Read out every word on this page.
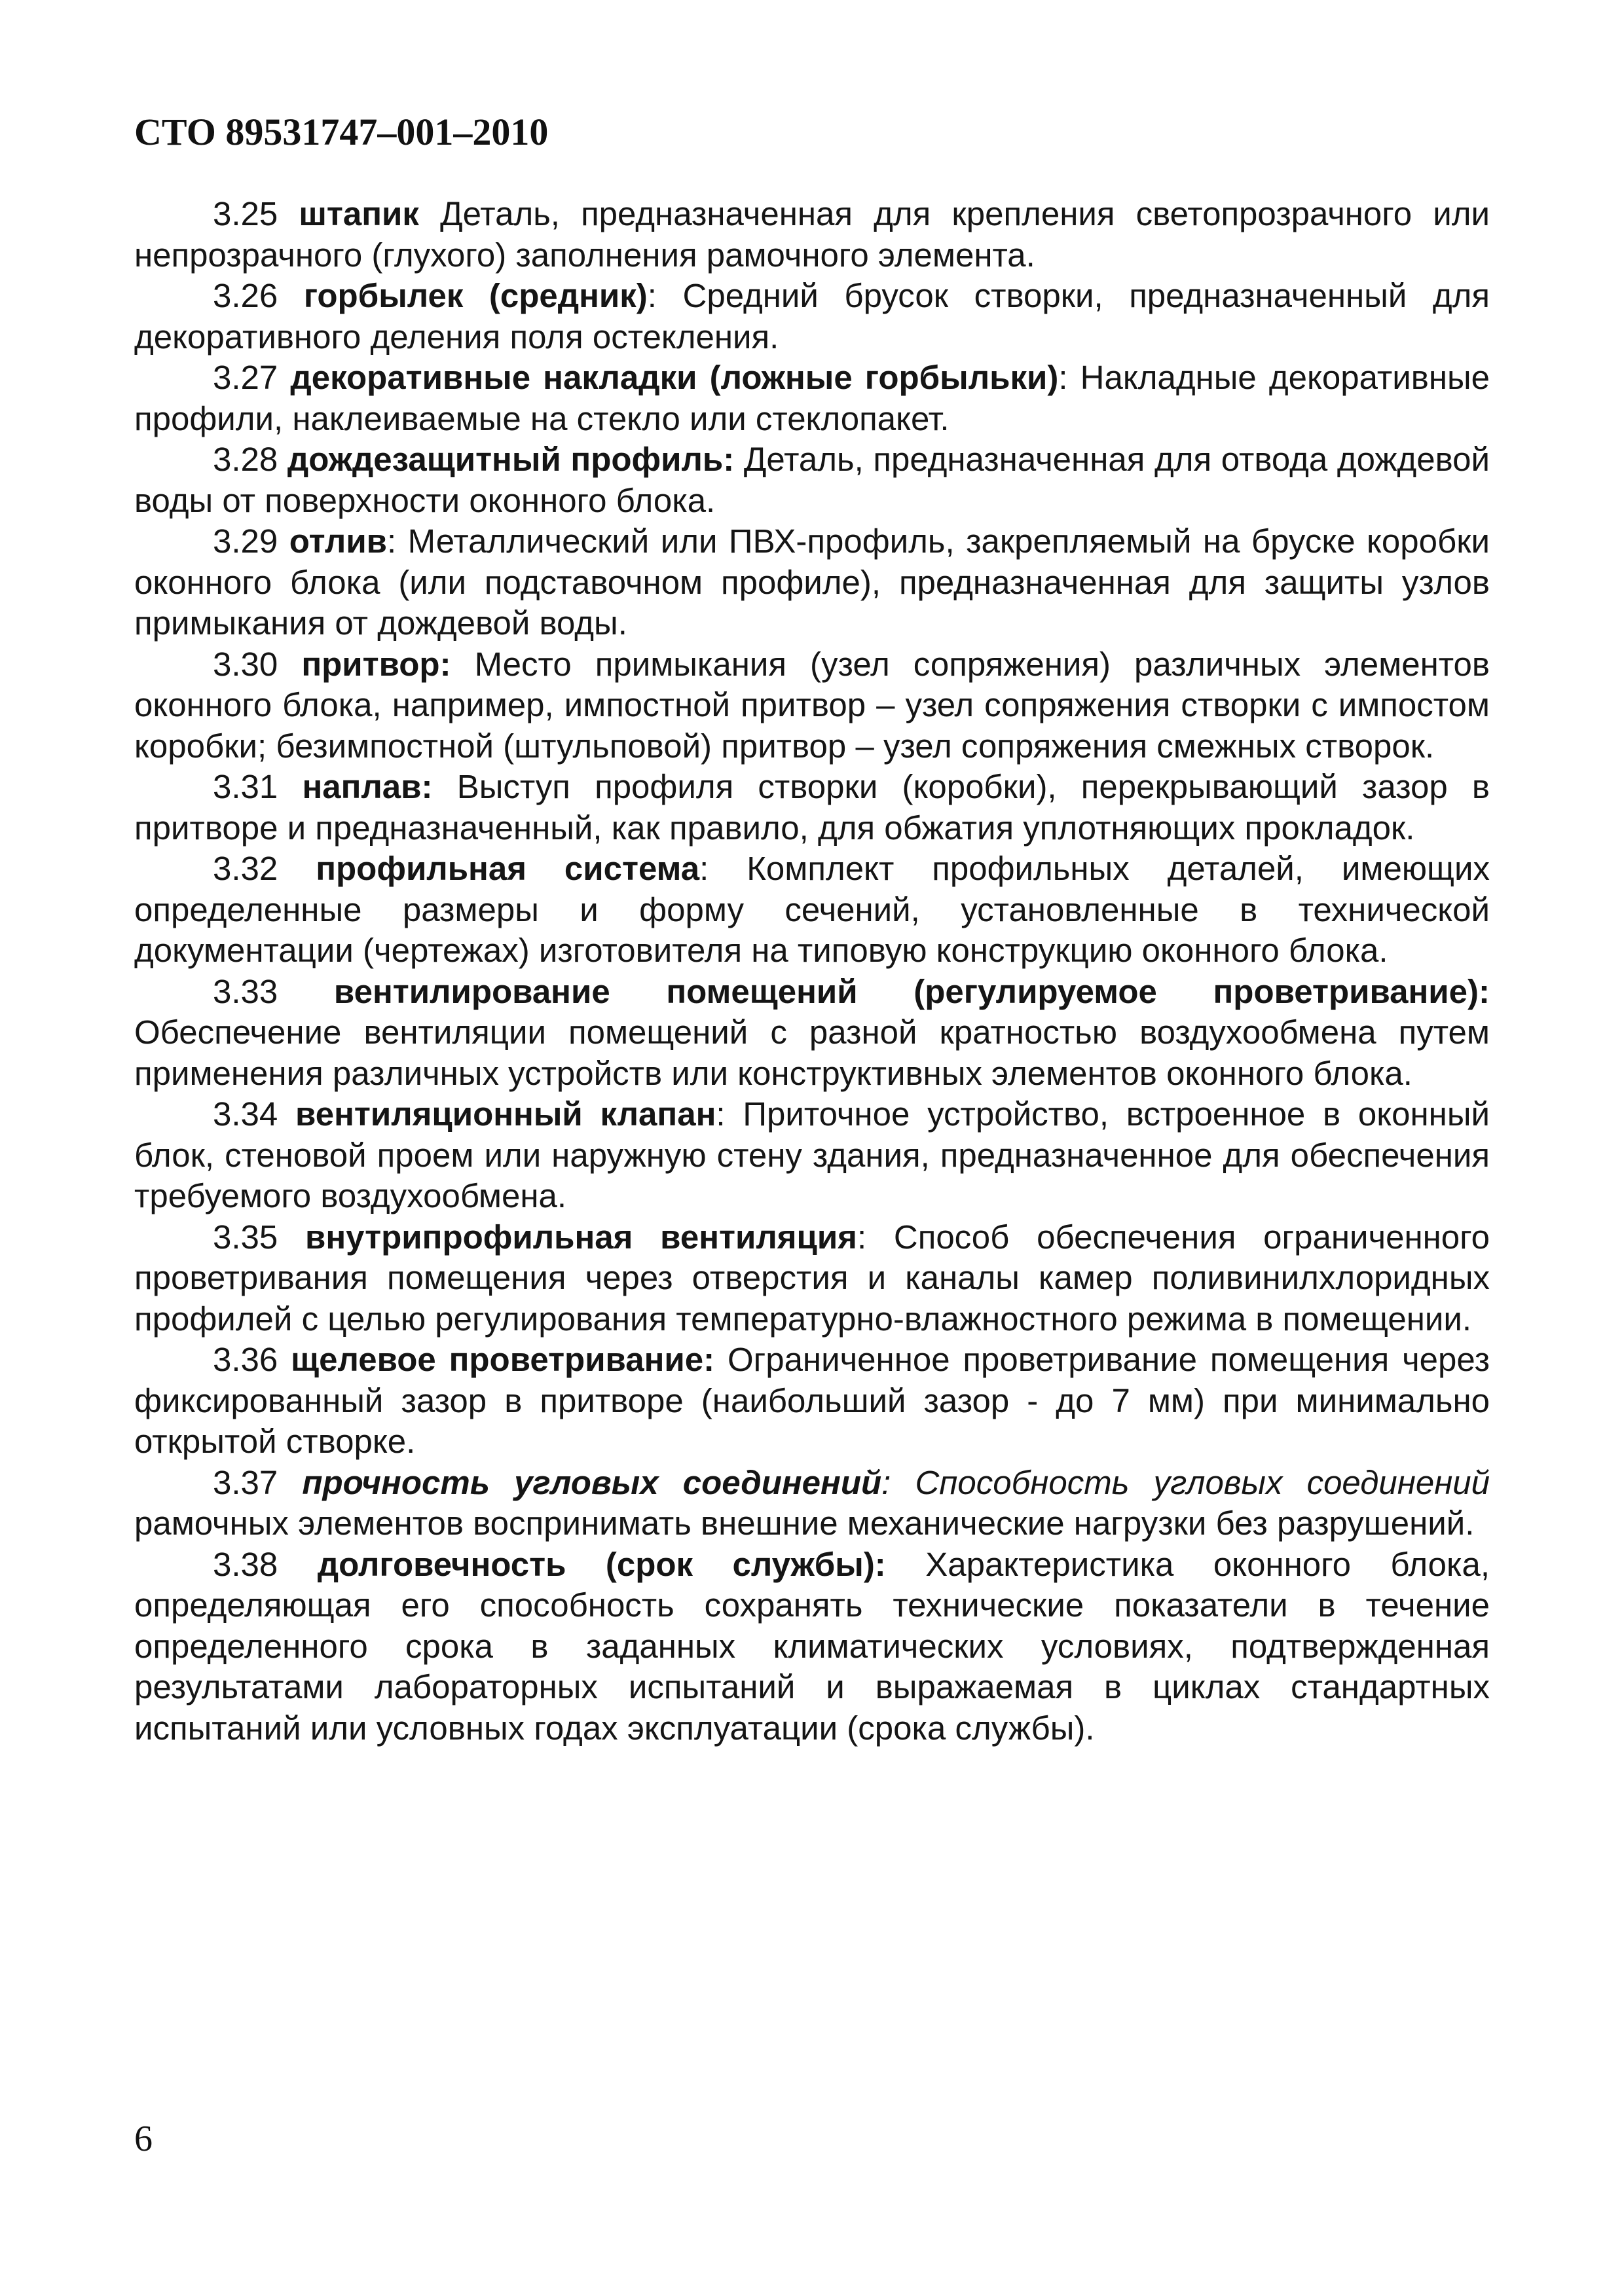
СТО 89531747–001–2010

3.25 штапик Деталь, предназначенная для крепления светопрозрачного или непрозрачного (глухого) заполнения рамочного элемента.

3.26 горбылек (средник): Средний брусок створки, предназначенный для декоративного деления поля остекления.

3.27 декоративные накладки (ложные горбыльки): Накладные декоративные профили, наклеиваемые на стекло или стеклопакет.

3.28 дождезащитный профиль: Деталь, предназначенная для отвода дождевой воды от поверхности оконного блока.

3.29 отлив: Металлический или ПВХ-профиль, закрепляемый на бруске коробки оконного блока (или подставочном профиле), предназначенная для защиты узлов примыкания от дождевой воды.

3.30 притвор: Место примыкания (узел сопряжения) различных элементов оконного блока, например, импостной притвор – узел сопряжения створки с импостом коробки; безимпостной (штульповой) притвор – узел сопряжения смежных створок.

3.31 наплав: Выступ профиля створки (коробки), перекрывающий зазор в притворе и предназначенный, как правило, для обжатия уплотняющих прокладок.

3.32 профильная система: Комплект профильных деталей, имеющих определенные размеры и форму сечений, установленные в технической документации (чертежах) изготовителя на типовую конструкцию оконного блока.

3.33 вентилирование помещений (регулируемое проветривание): Обеспечение вентиляции помещений с разной кратностью воздухообмена путем применения различных устройств или конструктивных элементов оконного блока.

3.34 вентиляционный клапан: Приточное устройство, встроенное в оконный блок, стеновой проем или наружную стену здания, предназначенное для обеспечения требуемого воздухообмена.

3.35 внутрипрофильная вентиляция: Способ обеспечения ограниченного проветривания помещения через отверстия и каналы камер поливинилхлоридных профилей с целью регулирования температурно-влажностного режима в помещении.

3.36 щелевое проветривание: Ограниченное проветривание помещения через фиксированный зазор в притворе (наибольший зазор - до 7 мм) при минимально открытой створке.

3.37 прочность угловых соединений: Способность угловых соединений рамочных элементов воспринимать внешние механические нагрузки без разрушений.

3.38 долговечность (срок службы): Характеристика оконного блока, определяющая его способность сохранять технические показатели в течение определенного срока в заданных климатических условиях, подтвержденная результатами лабораторных испытаний и выражаемая в циклах стандартных испытаний или условных годах эксплуатации (срока службы).

6
